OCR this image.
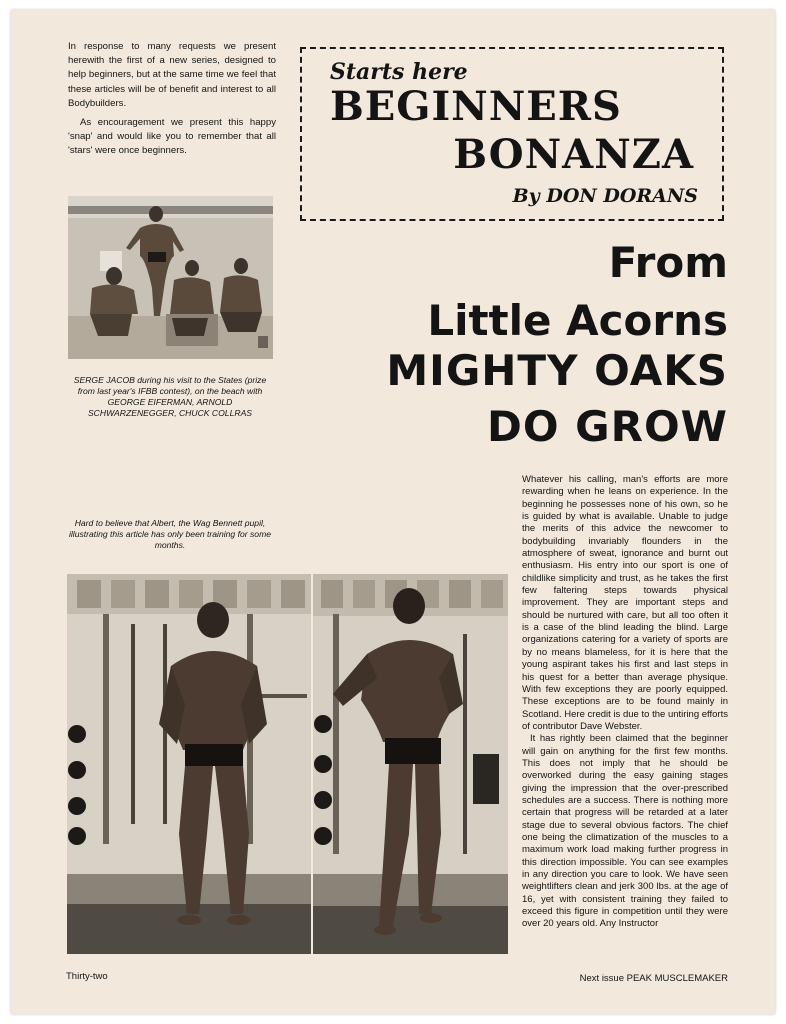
In response to many requests we present herewith the first of a new series, designed to help beginners, but at the same time we feel that these articles will be of benefit and interest to all Bodybuilders.

As encouragement we present this happy 'snap' and would like you to remember that all 'stars' were once beginners.

Starts here
BEGINNERS
BONANZA
By DON DORANS
SERGE JACOB during his visit to the States (prize from last year's IFBB contest), on the beach with GEORGE EIFERMAN, ARNOLD SCHWARZENEGGER, CHUCK COLLRAS
From
Little Acorns
MIGHTY OAKS
DO GROW
Hard to believe that Albert, the Wag Bennett pupil, illustrating this article has only been training for some months.

Whatever his calling, man's efforts are more rewarding when he leans on experience. In the beginning he possesses none of his own, so he is guided by what is available. Unable to judge the merits of this advice the newcomer to bodybuilding invariably flounders in the atmosphere of sweat, ignorance and burnt out enthusiasm. His entry into our sport is one of childlike simplicity and trust, as he takes the first few faltering steps towards physical improvement. They are important steps and should be nurtured with care, but all too often it is a case of the blind leading the blind. Large organizations catering for a variety of sports are by no means blameless, for it is here that the young aspirant takes his first and last steps in his quest for a better than average physique. With few exceptions they are poorly equipped. These exceptions are to be found mainly in Scotland. Here credit is due to the untiring efforts of contributor Dave Webster.

It has rightly been claimed that the beginner will gain on anything for the first few months. This does not imply that he should be overworked during the easy gaining stages giving the impression that the over-prescribed schedules are a success. There is nothing more certain that progress will be retarded at a later stage due to several obvious factors. The chief one being the climatization of the muscles to a maximum work load making further progress in this direction impossible. You can see examples in any direction you care to look. We have seen weightlifters clean and jerk 300 lbs. at the age of 16, yet with consistent training they failed to exceed this figure in competition until they were over 20 years old. Any Instructor

Thirty-two	Next issue PEAK MUSCLEMAKER
